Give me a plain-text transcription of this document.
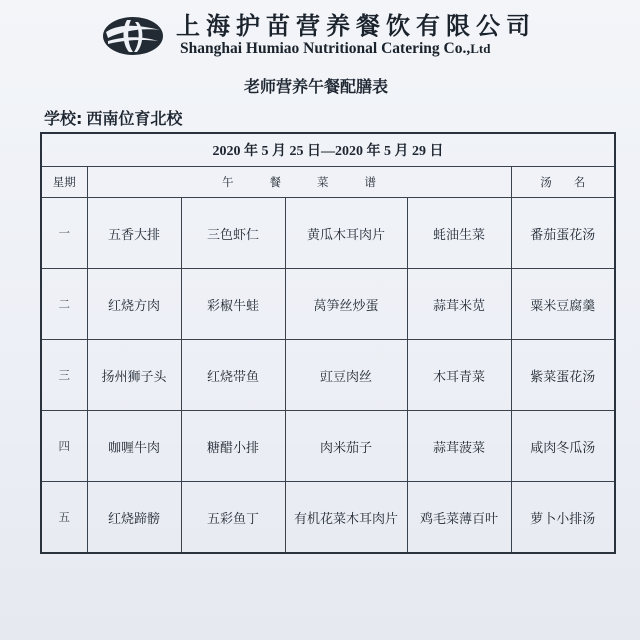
上海护苗营养餐饮有限公司
Shanghai Humiao Nutritional Catering Co.,Ltd
老师营养午餐配膳表
学校: 西南位育北校
2020 年 5 月 25 日—2020 年 5 月 29 日					
星期	午餐菜谱				汤名
一	五香大排	三色虾仁	黄瓜木耳肉片	蚝油生菜	番茄蛋花汤
二	红烧方肉	彩椒牛蛙	莴笋丝炒蛋	蒜茸米苋	粟米豆腐羹
三	扬州狮子头	红烧带鱼	豇豆肉丝	木耳青菜	紫菜蛋花汤
四	咖喱牛肉	糖醋小排	肉米茄子	蒜茸菠菜	咸肉冬瓜汤
五	红烧蹄髈	五彩鱼丁	有机花菜木耳肉片	鸡毛菜薄百叶	萝卜小排汤
